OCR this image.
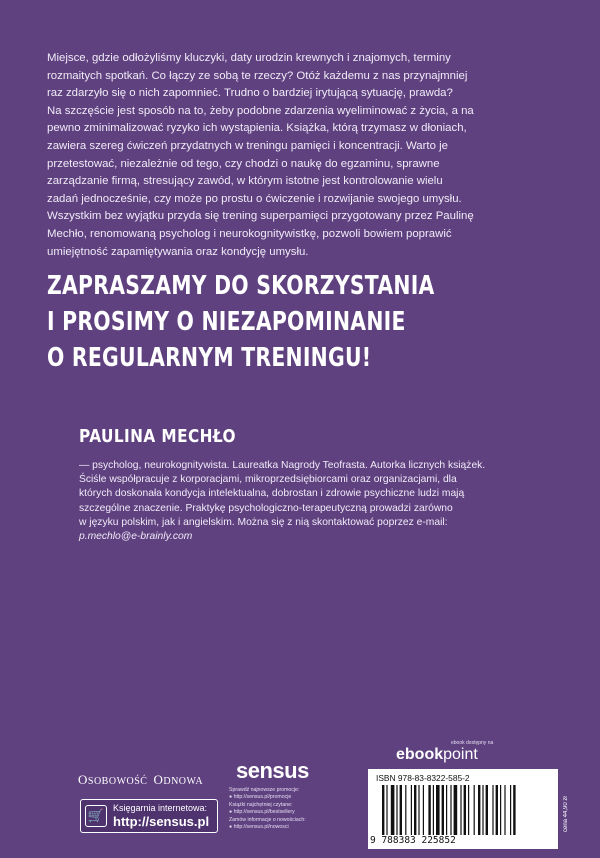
Miejsce, gdzie odłożyliśmy kluczyki, daty urodzin krewnych i znajomych, terminy
rozmaitych spotkań. Co łączy ze sobą te rzeczy? Otóż każdemu z nas przynajmniej
raz zdarzyło się o nich zapomnieć. Trudno o bardziej irytującą sytuację, prawda?
Na szczęście jest sposób na to, żeby podobne zdarzenia wyeliminować z życia, a na
pewno zminimalizować ryzyko ich wystąpienia. Książka, którą trzymasz w dłoniach,
zawiera szereg ćwiczeń przydatnych w treningu pamięci i koncentracji. Warto je
przetestować, niezależnie od tego, czy chodzi o naukę do egzaminu, sprawne
zarządzanie firmą, stresujący zawód, w którym istotne jest kontrolowanie wielu
zadań jednocześnie, czy może po prostu o ćwiczenie i rozwijanie swojego umysłu.
Wszystkim bez wyjątku przyda się trening superpamięci przygotowany przez Paulinę
Mechło, renomowaną psycholog i neurokognitywistkę, pozwoli bowiem poprawić
umiejętność zapamiętywania oraz kondycję umysłu.
ZAPRASZAMY DO SKORZYSTANIA
I PROSIMY O NIEZAPOMINANIE
O REGULARNYM TRENINGU!
PAULINA MECHŁO
— psycholog, neurokognitywista. Laureatka Nagrody Teofrasta. Autorka licznych książek.
Ściśle współpracuje z korporacjami, mikroprzedsiębiorcami oraz organizacjami, dla
których doskonała kondycja intelektualna, dobrostan i zdrowie psychiczne ludzi mają
szczególne znaczenie. Praktykę psychologiczno-terapeutyczną prowadzi zarówno
w języku polskim, jak i angielskim. Można się z nią skontaktować poprzez e-mail:
p.mechlo@e-brainly.com
OSOBOWOŚĆ ODNOWA sensus
Sprawdź najnowsze promocje:
● http://sensus.pl/promocje
Książki najchętniej czytane:
● http://sensus.pl/bestsellery
Zamów informacje o nowościach:
● http://sensus.pl/nowosci
🛒 Księgarnia internetowa:
http://sensus.pl
ebook dostępny na
ebookpoint
ISBN 978-83-8322-585-2
9 788383 225852
cena 44,90 zł
